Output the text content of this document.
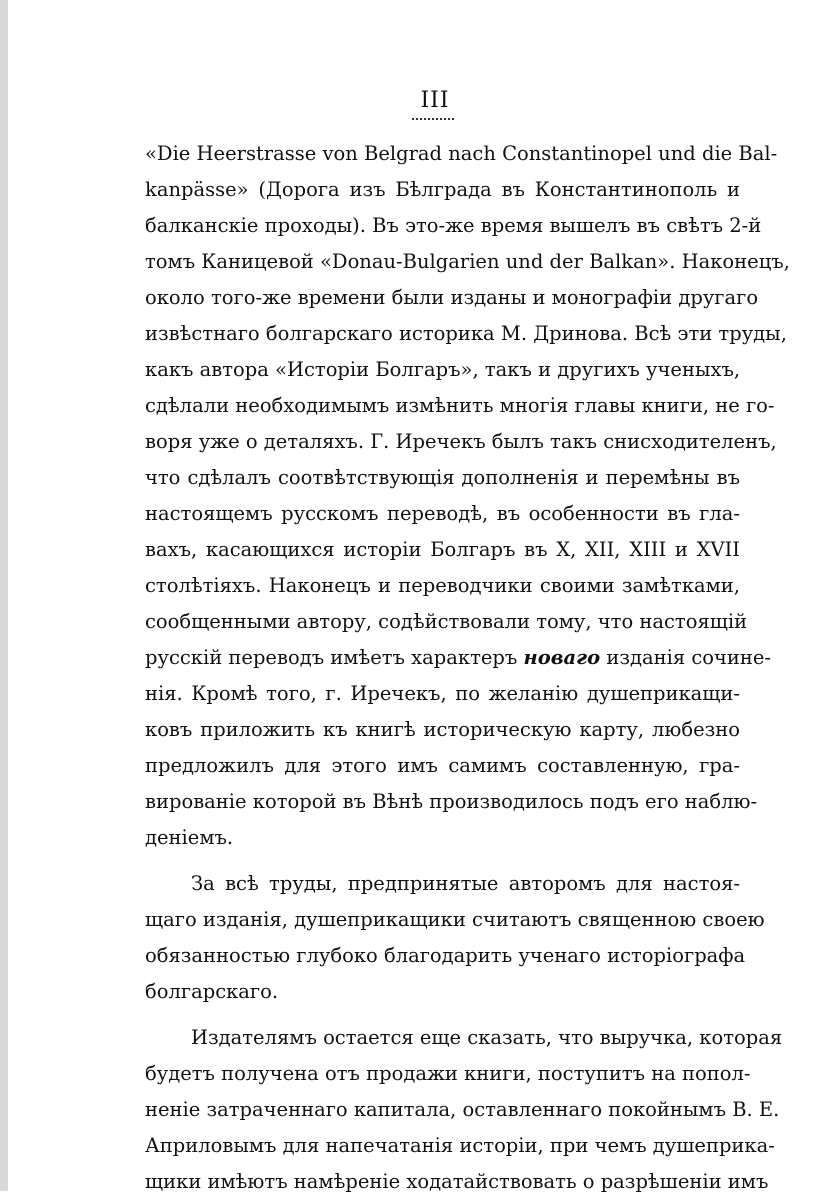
III
«Die Heerstrasse von Belgrad nach Constantinopel und die Bal-
kanpässe» (Дорога изъ Бѣлграда въ Константинополь и
балканскіе проходы). Въ это-же время вышелъ въ свѣтъ 2-й
томъ Каницевой «Donau-Bulgarien und der Balkan». Наконецъ,
около того-же времени были изданы и монографіи другаго
извѣстнаго болгарскаго историка М. Дринова. Всѣ эти труды,
какъ автора «Исторіи Болгаръ», такъ и другихъ ученыхъ,
сдѣлали необходимымъ измѣнить многія главы книги, не го-
воря уже о деталяхъ. Г. Иречекъ былъ такъ снисходителенъ,
что сдѣлалъ соотвѣтствующія дополненія и перемѣны въ
настоящемъ русскомъ переводѣ, въ особенности въ гла-
вахъ, касающихся исторіи Болгаръ въ X, XII, XIII и XVII
столѣтіяхъ. Наконецъ и переводчики своими замѣтками,
сообщенными автору, содѣйствовали тому, что настоящій
русскій переводъ имѣетъ характеръ новаго изданія сочине-
нія. Кромѣ того, г. Иречекъ, по желанію душеприкащи-
ковъ приложить къ книгѣ историческую карту, любезно
предложилъ для этого имъ самимъ составленную, гра-
вированіе которой въ Вѣнѣ производилось подъ его наблю-
деніемъ.
За всѣ труды, предпринятые авторомъ для настоя-
щаго изданія, душеприкащики считаютъ священною своею
обязанностью глубоко благодарить ученаго исторіографа
болгарскаго.
Издателямъ остается еще сказать, что выручка, которая
будетъ получена отъ продажи книги, поступитъ на попол-
неніе затраченнаго капитала, оставленнаго покойнымъ В. Е.
Априловымъ для напечатанія исторіи, при чемъ душеприка-
щики имѣютъ намѣреніе ходатайствовать о разрѣшеніи имъ
